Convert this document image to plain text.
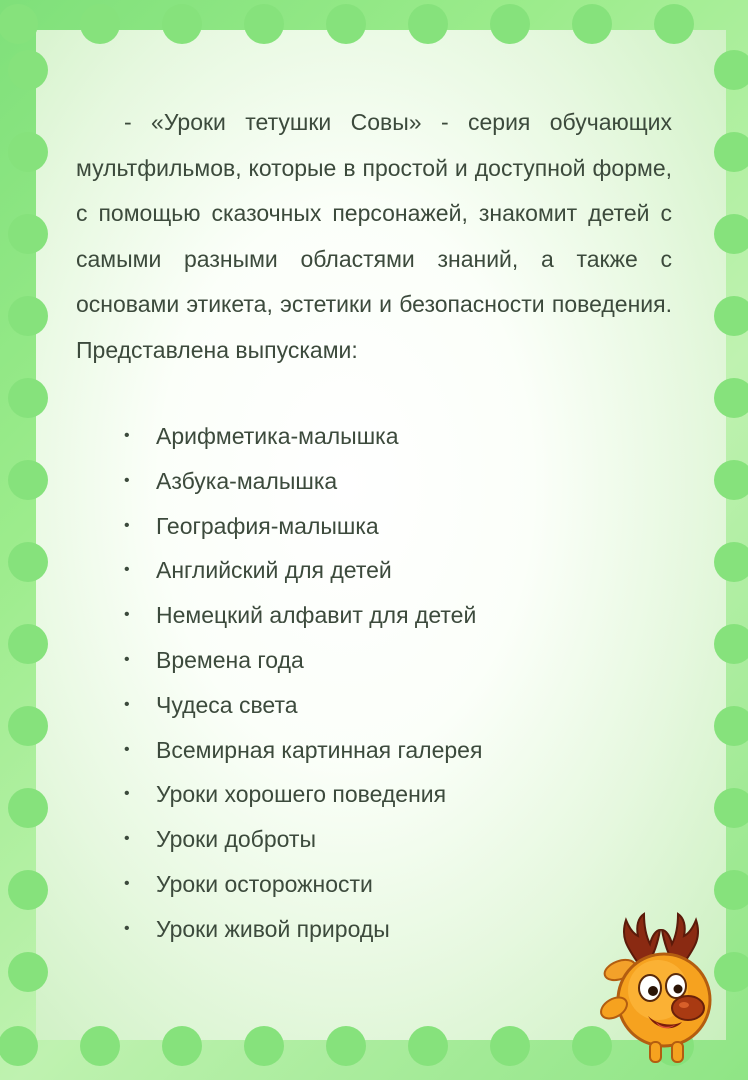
- «Уроки тетушки Совы» - серия обучающих мультфильмов, которые в простой и доступной форме, с помощью сказочных персонажей, знакомит детей с самыми разными областями знаний, а также с основами этикета, эстетики и безопасности поведения. Представлена выпусками:

•	Арифметика-малышка
•	Азбука-малышка
•	География-малышка
•	Английский для детей
•	Немецкий алфавит для детей
•	Времена года
•	Чудеса света
•	Всемирная картинная галерея
•	Уроки хорошего поведения
•	Уроки доброты
•	Уроки осторожности
•	Уроки живой природы
